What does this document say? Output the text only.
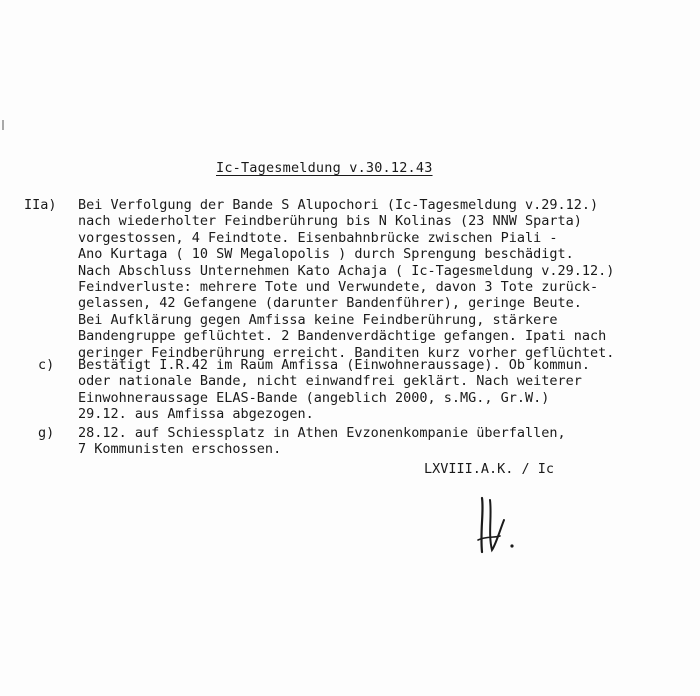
Ic-Tagesmeldung v.30.12.43
IIa) Bei Verfolgung der Bande S Alupochori (Ic-Tagesmeldung v.29.12.)
nach wiederholter Feindberührung bis N Kolinas (23 NNW Sparta)
vorgestossen, 4 Feindtote. Eisenbahnbrücke zwischen Piali -
Ano Kurtaga ( 10 SW Megalopolis ) durch Sprengung beschädigt.
Nach Abschluss Unternehmen Kato Achaja ( Ic-Tagesmeldung v.29.12.)
Feindverluste: mehrere Tote und Verwundete, davon 3 Tote zurück-
gelassen, 42 Gefangene (darunter Bandenführer), geringe Beute.
Bei Aufklärung gegen Amfissa keine Feindberührung, stärkere
Bandengruppe geflüchtet. 2 Bandenverdächtige gefangen. Ipati nach
geringer Feindberührung erreicht. Banditen kurz vorher geflüchtet.
c) Bestätigt I.R.42 im Raum Amfissa (Einwohneraussage). Ob kommun.
oder nationale Bande, nicht einwandfrei geklärt. Nach weiterer
Einwohneraussage ELAS-Bande (angeblich 2000, s.MG., Gr.W.)
29.12. aus Amfissa abgezogen.
g) 28.12. auf Schiessplatz in Athen Evzonenkompanie überfallen,
7 Kommunisten erschossen.
LXVIII.A.K. / Ic
